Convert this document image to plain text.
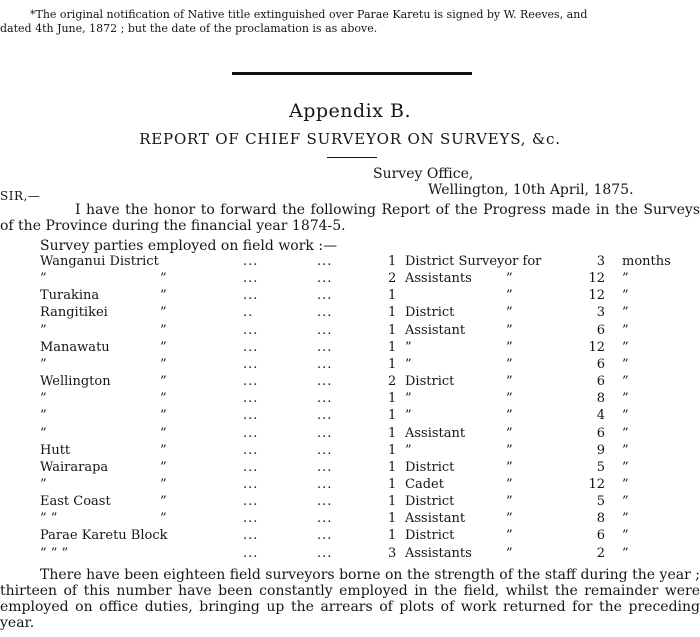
*The original notification of Native title extinguished over Parae Karetu is signed by W. Reeves, and
dated 4th June, 1872 ; but the date of the proclamation is as above.
Appendix B.
REPORT OF CHIEF SURVEYOR ON SURVEYS, &c.
Survey Office,
Wellington, 10th April, 1875.
SIR,—
I have the honor to forward the following Report of the Progress made in the Surveys of the Province during the financial year 1874-5.
Survey parties employed on field work :—
Wanganui District	...	...	1 District Surveyor for	3 months
”	”	...	...	2 Assistants	”	12 ”
Turakina	”	...	...	1	”	12 ”
Rangitikei	”	..	...	1 District	”	3 ”
”	”	...	...	1 Assistant	”	6 ”
Manawatu	”	...	...	1 ”	”	12 ”
”	”	...	...	1 ”	”	6 ”
Wellington	”	...	...	2 District	”	6 ”
”	”	...	...	1 ”	”	8 ”
”	”	...	...	1 ”	”	4 ”
”	”	...	...	1 Assistant	”	6 ”
Hutt	”	...	...	1 ”	”	9 ”
Wairarapa	”	...	...	1 District	”	5 ”
”	”	...	...	1 Cadet	”	12 ”
East Coast	”	...	...	1 District	”	5 ”
” ”	”	...	...	1 Assistant	”	8 ”
Parae Karetu Block	...	...	1 District	”	6 ”
” ” ”	...	...	3 Assistants	”	2 ”
There have been eighteen field surveyors borne on the strength of the staff during the year ; thirteen of this number have been constantly employed in the field, whilst the remainder were employed on office duties, bringing up the arrears of plots of work returned for the preceding year.
